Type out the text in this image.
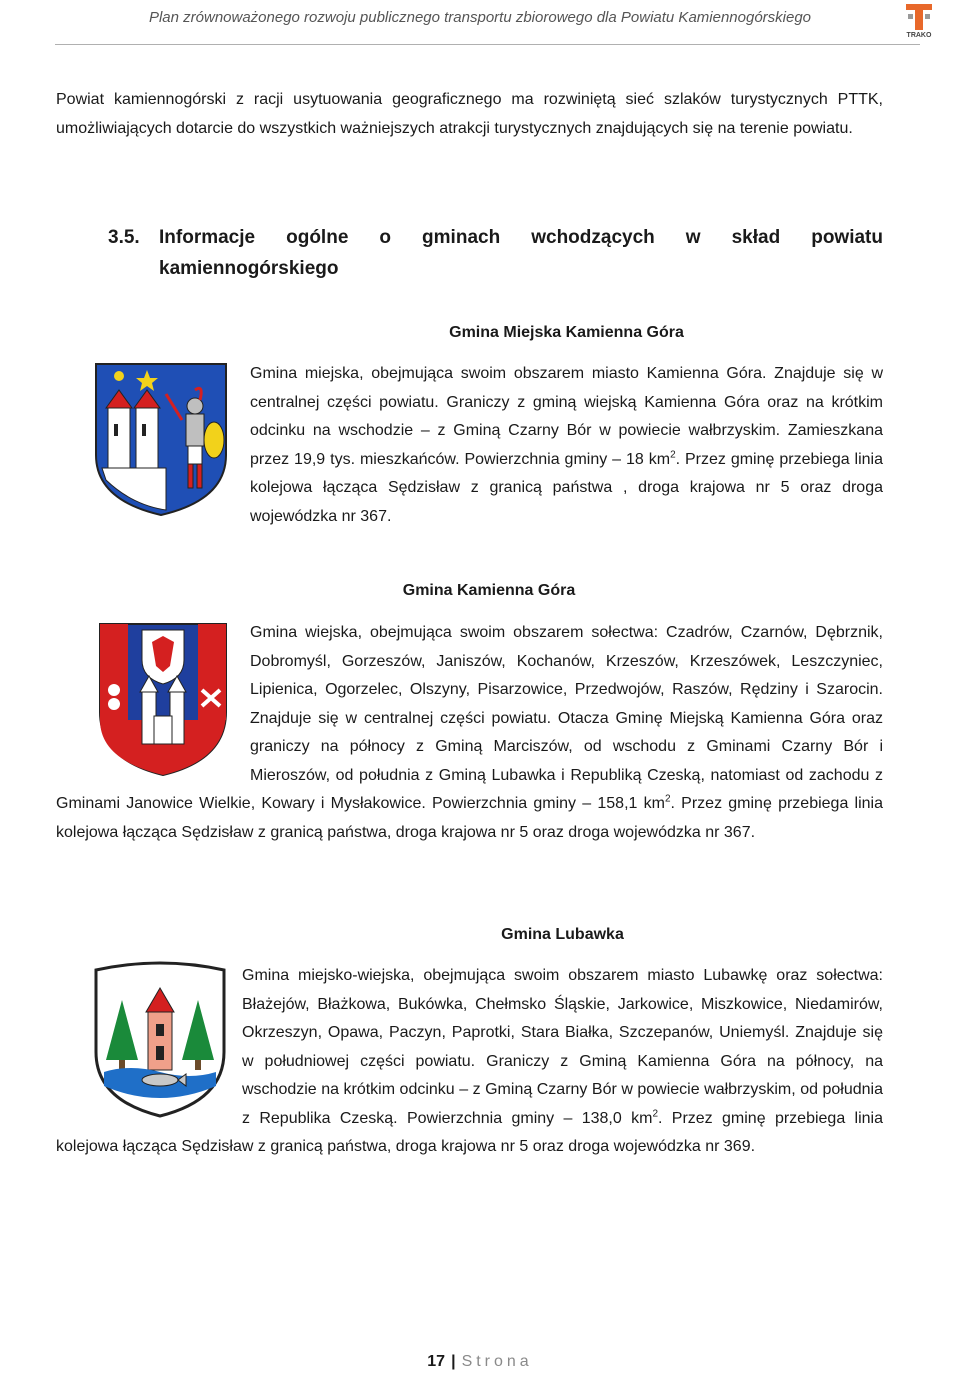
Plan zrównoważonego rozwoju publicznego transportu zbiorowego dla Powiatu Kamiennogórskiego
TRAKO
Powiat kamiennogórski z racji usytuowania geograficznego ma rozwiniętą sieć szlaków turystycznych PTTK, umożliwiających dotarcie do wszystkich ważniejszych atrakcji turystycznych znajdujących się na terenie powiatu.
3.5. Informacje ogólne o gminach wchodzących w skład powiatu
kamiennogórskiego
Gmina Miejska Kamienna Góra
Gmina miejska, obejmująca swoim obszarem miasto Kamienna Góra. Znajduje się w centralnej części powiatu. Graniczy z gminą wiejską Kamienna Góra oraz na krótkim odcinku na wschodzie – z Gminą Czarny Bór w powiecie wałbrzyskim. Zamieszkana przez 19,9 tys. mieszkańców. Powierzchnia gminy – 18 $km^2$. Przez gminę przebiega linia kolejowa łącząca Sędzisław z granicą państwa , droga krajowa nr 5 oraz droga wojewódzka nr 367.
Gmina Kamienna Góra
Gmina wiejska, obejmująca swoim obszarem sołectwa: Czadrów, Czarnów, Dębrznik, Dobromyśl, Gorzeszów, Janiszów, Kochanów, Krzeszów, Krzeszówek, Leszczyniec, Lipienica, Ogorzelec, Olszyny, Pisarzowice, Przedwojów, Raszów, Rędziny i Szarocin. Znajduje się w centralnej części powiatu. Otacza Gminę Miejską Kamienna Góra oraz graniczy na północy z Gminą Marciszów, od wschodu z Gminami Czarny Bór i Mieroszów, od południa z Gminą Lubawka i Republiką Czeską, natomiast od zachodu z Gminami Janowice Wielkie, Kowary i Mysłakowice. Powierzchnia gminy – 158,1 $km^2$. Przez gminę przebiega linia kolejowa łącząca Sędzisław z granicą państwa, droga krajowa nr 5 oraz droga wojewódzka nr 367.
Gmina Lubawka
Gmina miejsko-wiejska, obejmująca swoim obszarem miasto Lubawkę oraz sołectwa: Błażejów, Błażkowa, Bukówka, Chełmsko Śląskie, Jarkowice, Miszkowice, Niedamirów, Okrzeszyn, Opawa, Paczyn, Paprotki, Stara Białka, Szczepanów, Uniemyśl. Znajduje się w południowej części powiatu. Graniczy z Gminą Kamienna Góra na północy, na wschodzie na krótkim odcinku – z Gminą Czarny Bór w powiecie wałbrzyskim, od południa z Republika Czeską. Powierzchnia gminy – 138,0 $km^2$. Przez gminę przebiega linia kolejowa łącząca Sędzisław z granicą państwa, droga krajowa nr 5 oraz droga wojewódzka nr 369.
17 | Strona
